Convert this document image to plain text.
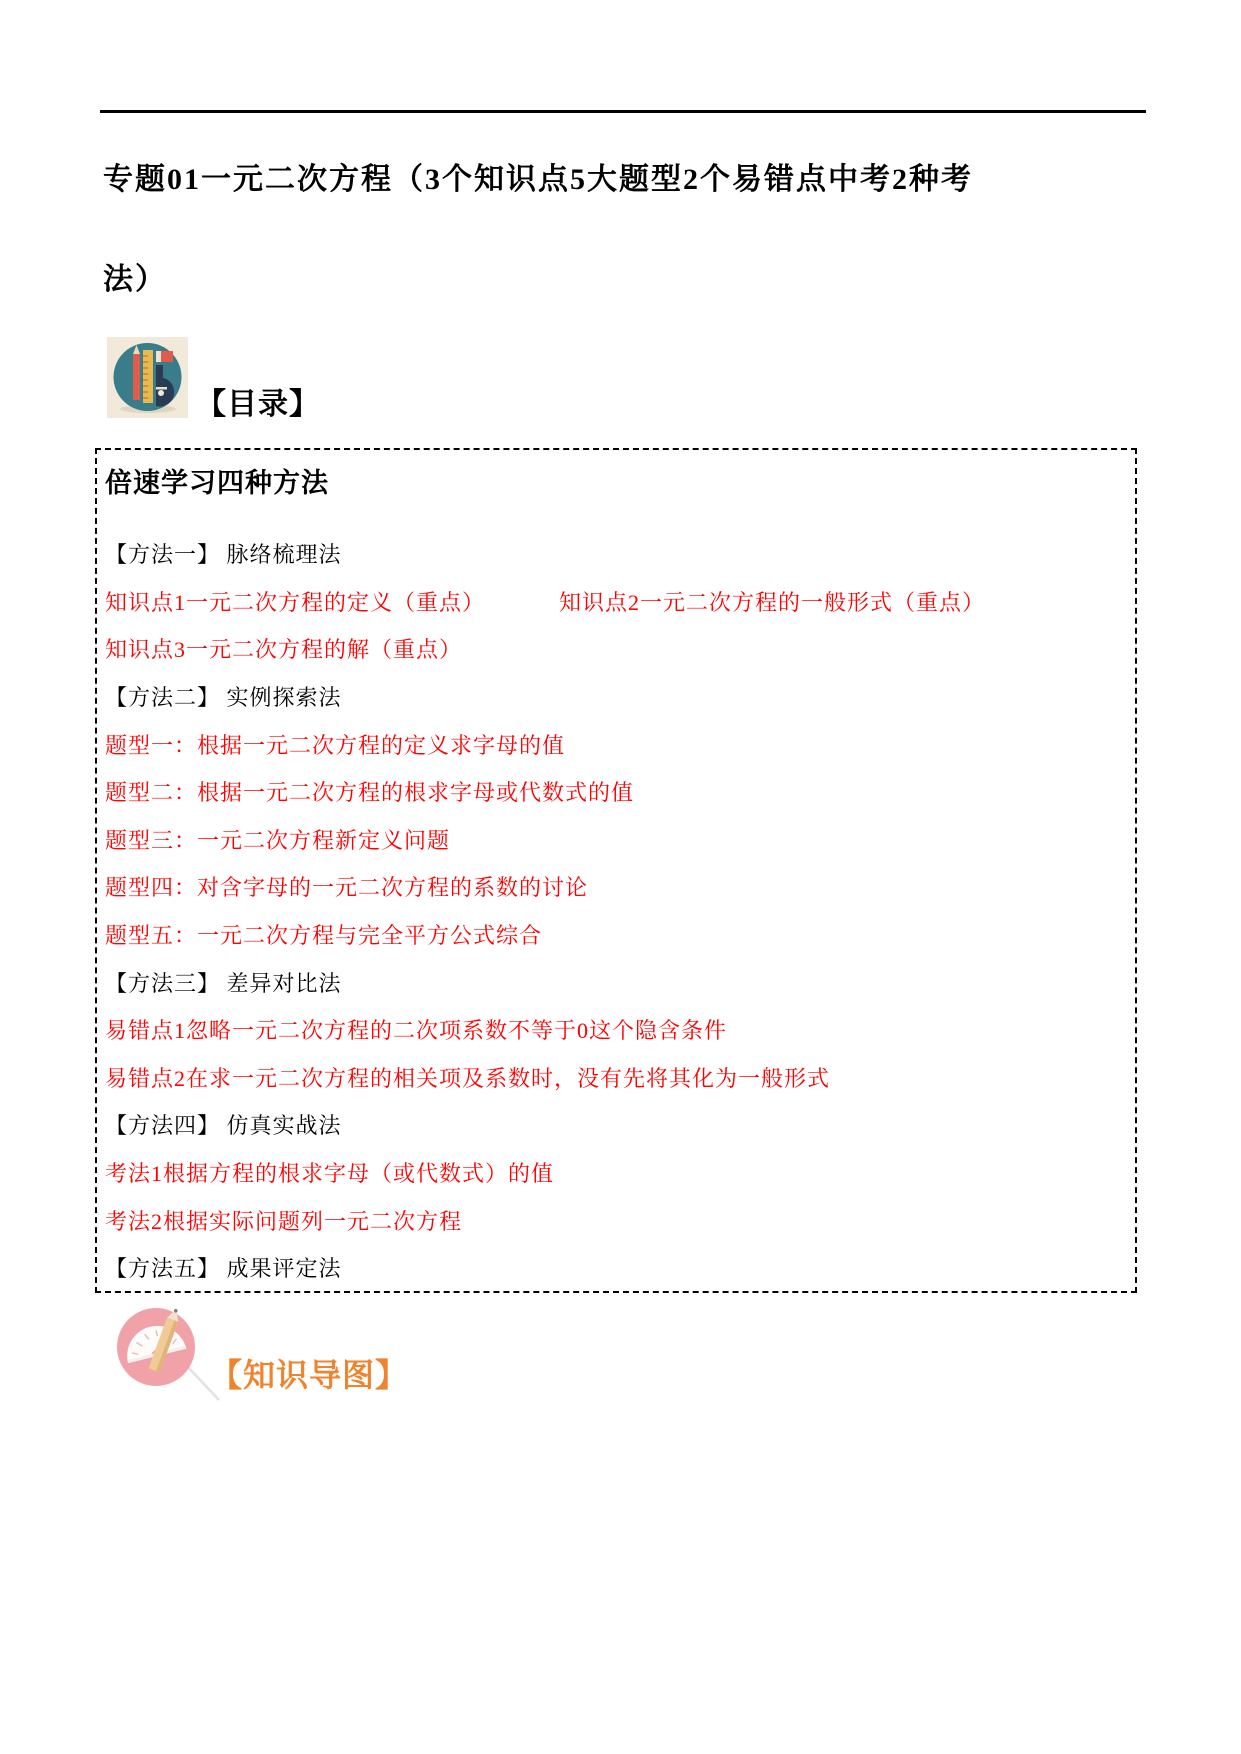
专题01一元二次方程（3个知识点5大题型2个易错点中考2种考法）
【目录】
倍速学习四种方法
【方法一】 脉络梳理法
知识点1一元二次方程的定义（重点）	知识点2一元二次方程的一般形式（重点）
知识点3一元二次方程的解（重点）
【方法二】 实例探索法
题型一：根据一元二次方程的定义求字母的值
题型二：根据一元二次方程的根求字母或代数式的值
题型三：一元二次方程新定义问题
题型四：对含字母的一元二次方程的系数的讨论
题型五：一元二次方程与完全平方公式综合
【方法三】 差异对比法
易错点1忽略一元二次方程的二次项系数不等于0这个隐含条件
易错点2在求一元二次方程的相关项及系数时，没有先将其化为一般形式
【方法四】 仿真实战法
考法1根据方程的根求字母（或代数式）的值
考法2根据实际问题列一元二次方程
【方法五】 成果评定法
【知识导图】
